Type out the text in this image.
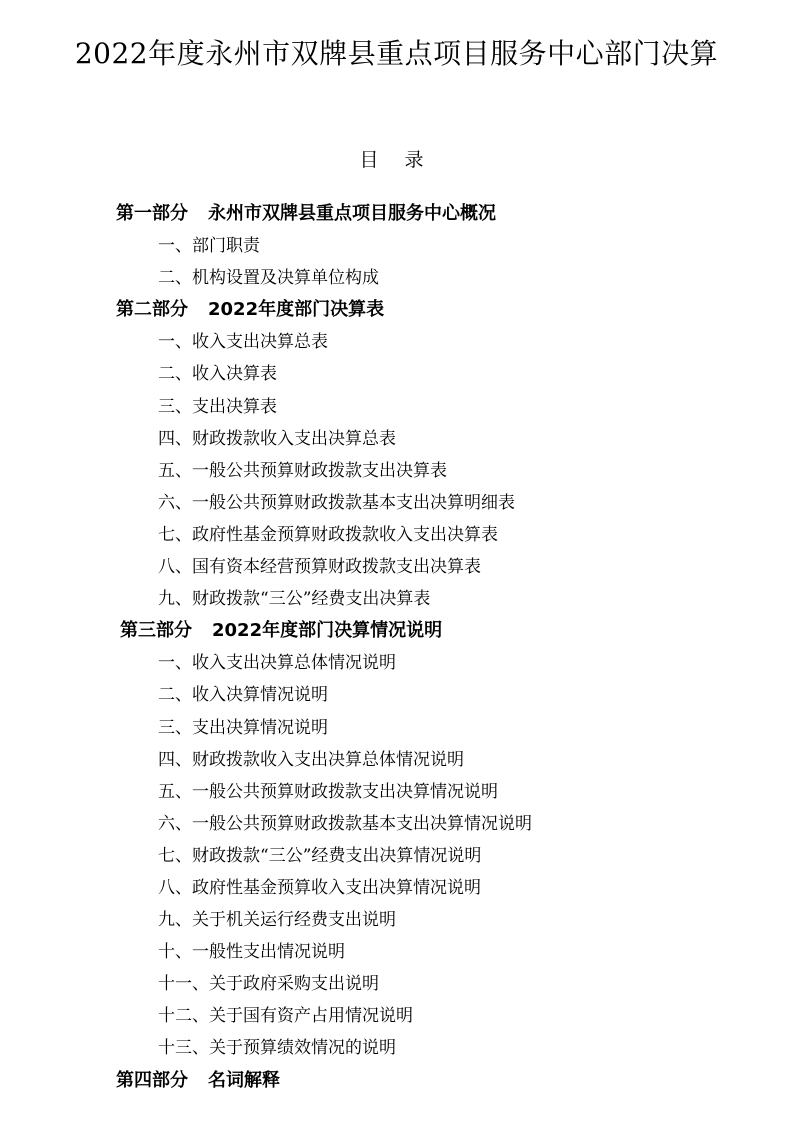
2022年度永州市双牌县重点项目服务中心部门决算
目 录
第一部分 永州市双牌县重点项目服务中心概况
一、部门职责
二、机构设置及决算单位构成
第二部分 2022年度部门决算表
一、收入支出决算总表
二、收入决算表
三、支出决算表
四、财政拨款收入支出决算总表
五、一般公共预算财政拨款支出决算表
六、一般公共预算财政拨款基本支出决算明细表
七、政府性基金预算财政拨款收入支出决算表
八、国有资本经营预算财政拨款支出决算表
九、财政拨款“三公”经费支出决算表
第三部分 2022年度部门决算情况说明
一、收入支出决算总体情况说明
二、收入决算情况说明
三、支出决算情况说明
四、财政拨款收入支出决算总体情况说明
五、一般公共预算财政拨款支出决算情况说明
六、一般公共预算财政拨款基本支出决算情况说明
七、财政拨款“三公”经费支出决算情况说明
八、政府性基金预算收入支出决算情况说明
九、关于机关运行经费支出说明
十、一般性支出情况说明
十一、关于政府采购支出说明
十二、关于国有资产占用情况说明
十三、关于预算绩效情况的说明
第四部分 名词解释
